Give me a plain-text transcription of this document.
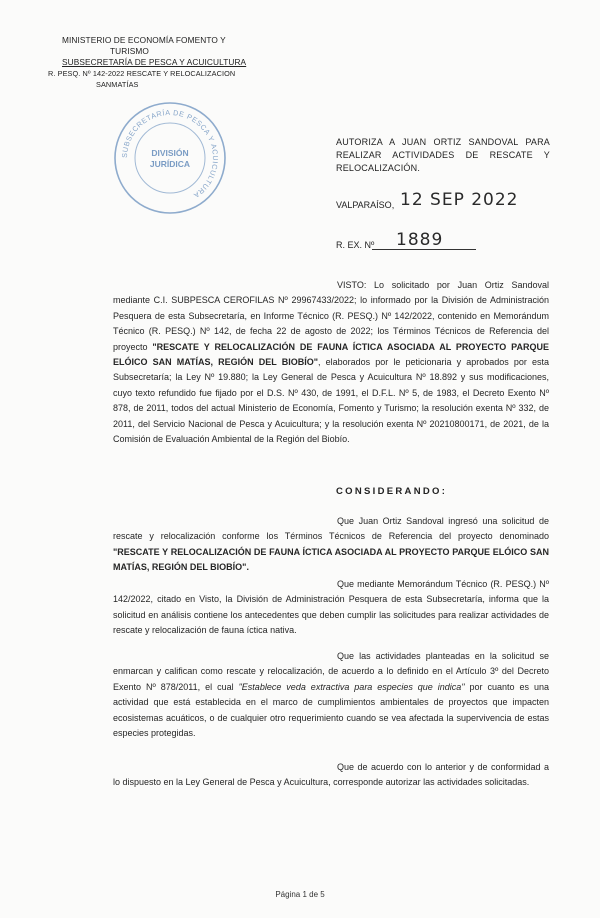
MINISTERIO DE ECONOMÍA FOMENTO Y
TURISMO
SUBSECRETARÍA DE PESCA Y ACUICULTURA
R. PESQ. Nº 142-2022 RESCATE Y RELOCALIZACION
SANMATÍAS
SUBSECRETARÍA DE PESCA Y ACUICULTURA
DIVISIÓN
JURÍDICA
AUTORIZA A JUAN ORTIZ SANDOVAL PARA
REALIZAR ACTIVIDADES DE RESCATE Y
RELOCALIZACIÓN.
VALPARAÍSO, 12 SEP 2022
R. EX. Nº 1889

VISTO: Lo solicitado por Juan Ortiz Sandoval mediante C.I. SUBPESCA CEROFILAS Nº 29967433/2022; lo informado por la División de Administración Pesquera de esta Subsecretaría, en Informe Técnico (R. PESQ.) Nº 142/2022, contenido en Memorándum Técnico (R. PESQ.) Nº 142, de fecha 22 de agosto de 2022; los Términos Técnicos de Referencia del proyecto "RESCATE Y RELOCALIZACIÓN DE FAUNA ÍCTICA ASOCIADA AL PROYECTO PARQUE ELÓICO SAN MATÍAS, REGIÓN DEL BIOBÍO", elaborados por le peticionaria y aprobados por esta Subsecretaría; la Ley Nº 19.880; la Ley General de Pesca y Acuicultura Nº 18.892 y sus modificaciones, cuyo texto refundido fue fijado por el D.S. Nº 430, de 1991, el D.F.L. Nº 5, de 1983, el Decreto Exento Nº 878, de 2011, todos del actual Ministerio de Economía, Fomento y Turismo; la resolución exenta Nº 332, de 2011, del Servicio Nacional de Pesca y Acuicultura; y la resolución exenta Nº 20210800171, de 2021, de la Comisión de Evaluación Ambiental de la Región del Biobío.

CONSIDERANDO:

Que Juan Ortiz Sandoval ingresó una solicitud de rescate y relocalización conforme los Términos Técnicos de Referencia del proyecto denominado "RESCATE Y RELOCALIZACIÓN DE FAUNA ÍCTICA ASOCIADA AL PROYECTO PARQUE ELÓICO SAN MATÍAS, REGIÓN DEL BIOBÍO".

Que mediante Memorándum Técnico (R. PESQ.) Nº 142/2022, citado en Visto, la División de Administración Pesquera de esta Subsecretaría, informa que la solicitud en análisis contiene los antecedentes que deben cumplir las solicitudes para realizar actividades de rescate y relocalización de fauna íctica nativa.

Que las actividades planteadas en la solicitud se enmarcan y califican como rescate y relocalización, de acuerdo a lo definido en el Artículo 3º del Decreto Exento Nº 878/2011, el cual "Establece veda extractiva para especies que indica" por cuanto es una actividad que está establecida en el marco de cumplimientos ambientales de proyectos que impacten ecosistemas acuáticos, o de cualquier otro requerimiento cuando se vea afectada la supervivencia de estas especies protegidas.

Que de acuerdo con lo anterior y de conformidad a lo dispuesto en la Ley General de Pesca y Acuicultura, corresponde autorizar las actividades solicitadas.

Página 1 de 5
